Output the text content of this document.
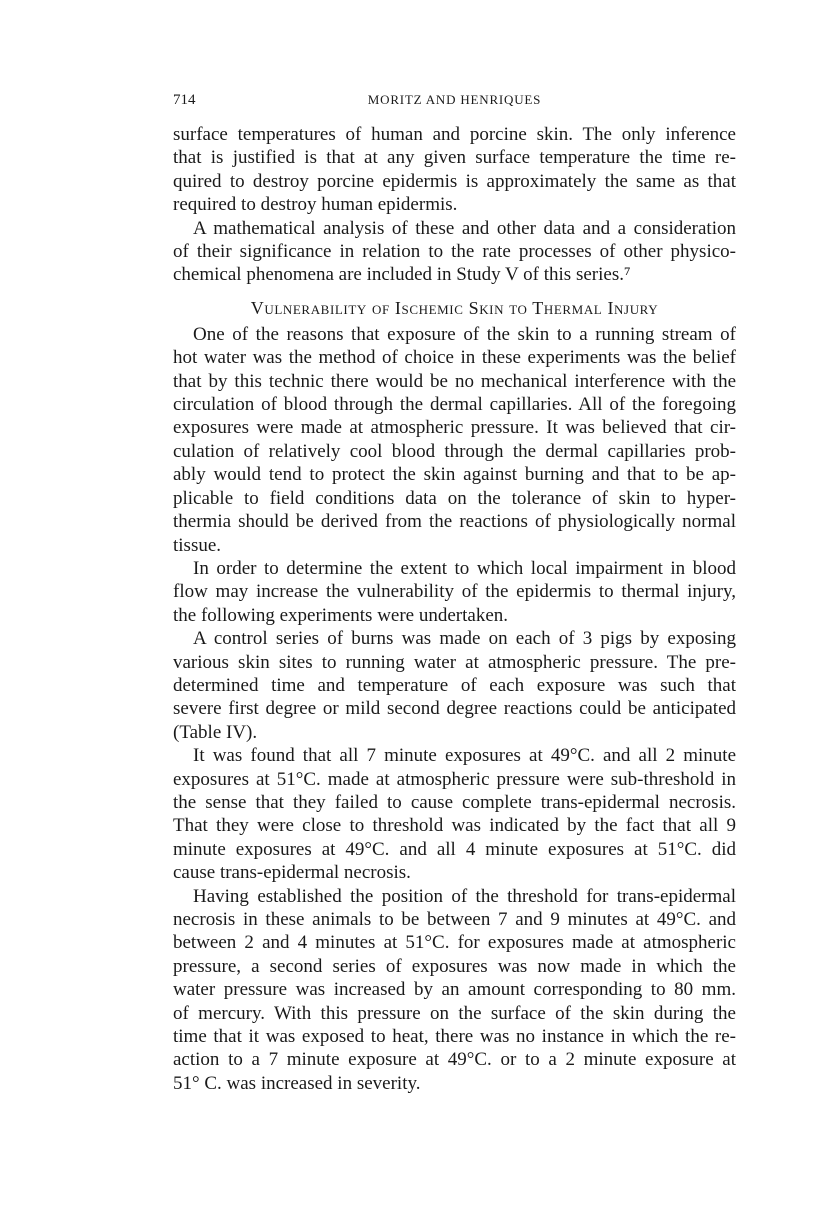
714	MORITZ AND HENRIQUES

surface temperatures of human and porcine skin. The only inference
that is justified is that at any given surface temperature the time re-
quired to destroy porcine epidermis is approximately the same as that
required to destroy human epidermis.

A mathematical analysis of these and other data and a consideration
of their significance in relation to the rate processes of other physico-
chemical phenomena are included in Study V of this series.⁷

Vulnerability of Ischemic Skin to Thermal Injury

One of the reasons that exposure of the skin to a running stream of
hot water was the method of choice in these experiments was the belief
that by this technic there would be no mechanical interference with the
circulation of blood through the dermal capillaries. All of the foregoing
exposures were made at atmospheric pressure. It was believed that cir-
culation of relatively cool blood through the dermal capillaries prob-
ably would tend to protect the skin against burning and that to be ap-
plicable to field conditions data on the tolerance of skin to hyper-
thermia should be derived from the reactions of physiologically normal
tissue.

In order to determine the extent to which local impairment in blood
flow may increase the vulnerability of the epidermis to thermal injury,
the following experiments were undertaken.

A control series of burns was made on each of 3 pigs by exposing
various skin sites to running water at atmospheric pressure. The pre-
determined time and temperature of each exposure was such that
severe first degree or mild second degree reactions could be anticipated
(Table IV).

It was found that all 7 minute exposures at 49°C. and all 2 minute
exposures at 51°C. made at atmospheric pressure were sub-threshold in
the sense that they failed to cause complete trans-epidermal necrosis.
That they were close to threshold was indicated by the fact that all 9
minute exposures at 49°C. and all 4 minute exposures at 51°C. did
cause trans-epidermal necrosis.

Having established the position of the threshold for trans-epidermal
necrosis in these animals to be between 7 and 9 minutes at 49°C. and
between 2 and 4 minutes at 51°C. for exposures made at atmospheric
pressure, a second series of exposures was now made in which the
water pressure was increased by an amount corresponding to 80 mm.
of mercury. With this pressure on the surface of the skin during the
time that it was exposed to heat, there was no instance in which the re-
action to a 7 minute exposure at 49°C. or to a 2 minute exposure at
51° C. was increased in severity.
